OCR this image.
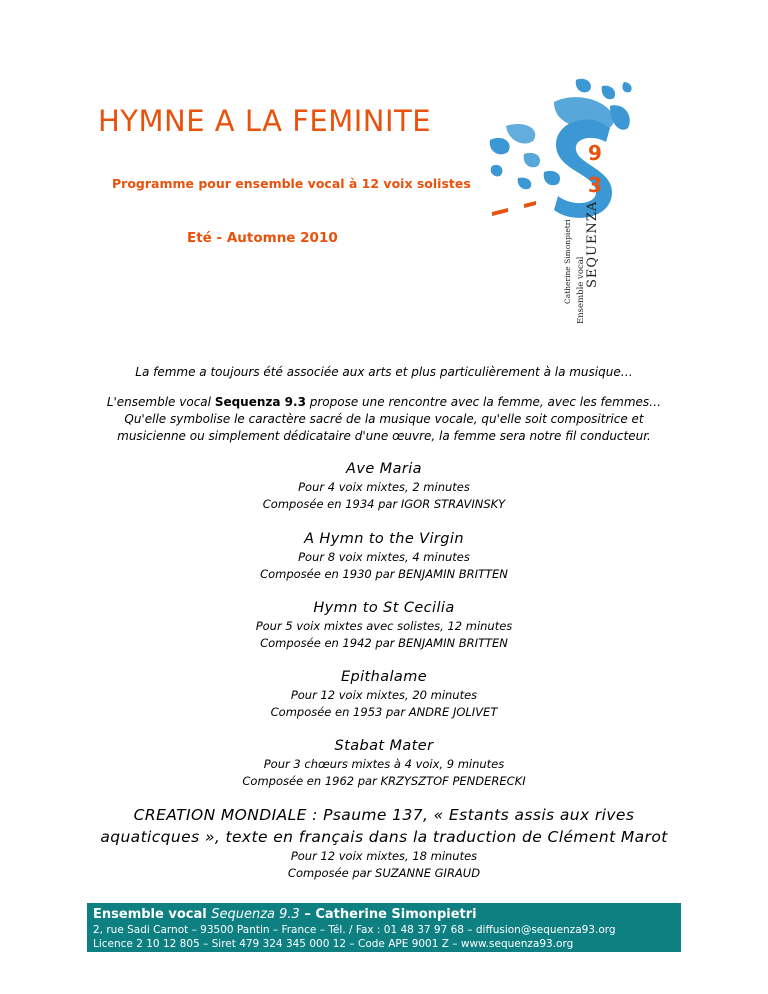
HYMNE A LA FEMINITE
Programme pour ensemble vocal à 12 voix solistes
Eté - Automne 2010
9
3
SEQUENZA
Ensemble vocal
Catherine Simonpietri
La femme a toujours été associée aux arts et plus particulièrement à la musique…
L'ensemble vocal Sequenza 9.3 propose une rencontre avec la femme, avec les femmes…
Qu'elle symbolise le caractère sacré de la musique vocale, qu'elle soit compositrice et
musicienne ou simplement dédicataire d'une œuvre, la femme sera notre fil conducteur.
Ave Maria
Pour 4 voix mixtes, 2 minutes
Composée en 1934 par IGOR STRAVINSKY
A Hymn to the Virgin
Pour 8 voix mixtes, 4 minutes
Composée en 1930 par BENJAMIN BRITTEN
Hymn to St Cecilia
Pour 5 voix mixtes avec solistes, 12 minutes
Composée en 1942 par BENJAMIN BRITTEN
Epithalame
Pour 12 voix mixtes, 20 minutes
Composée en 1953 par ANDRE JOLIVET
Stabat Mater
Pour 3 chœurs mixtes à 4 voix, 9 minutes
Composée en 1962 par KRZYSZTOF PENDERECKI
CREATION MONDIALE : Psaume 137, « Estants assis aux rives
aquaticques », texte en français dans la traduction de Clément Marot
Pour 12 voix mixtes, 18 minutes
Composée par SUZANNE GIRAUD
Ensemble vocal Sequenza 9.3 – Catherine Simonpietri
2, rue Sadi Carnot – 93500 Pantin – France – Tél. / Fax : 01 48 37 97 68 – diffusion@sequenza93.org
Licence 2 10 12 805 – Siret 479 324 345 000 12 – Code APE 9001 Z – www.sequenza93.org
